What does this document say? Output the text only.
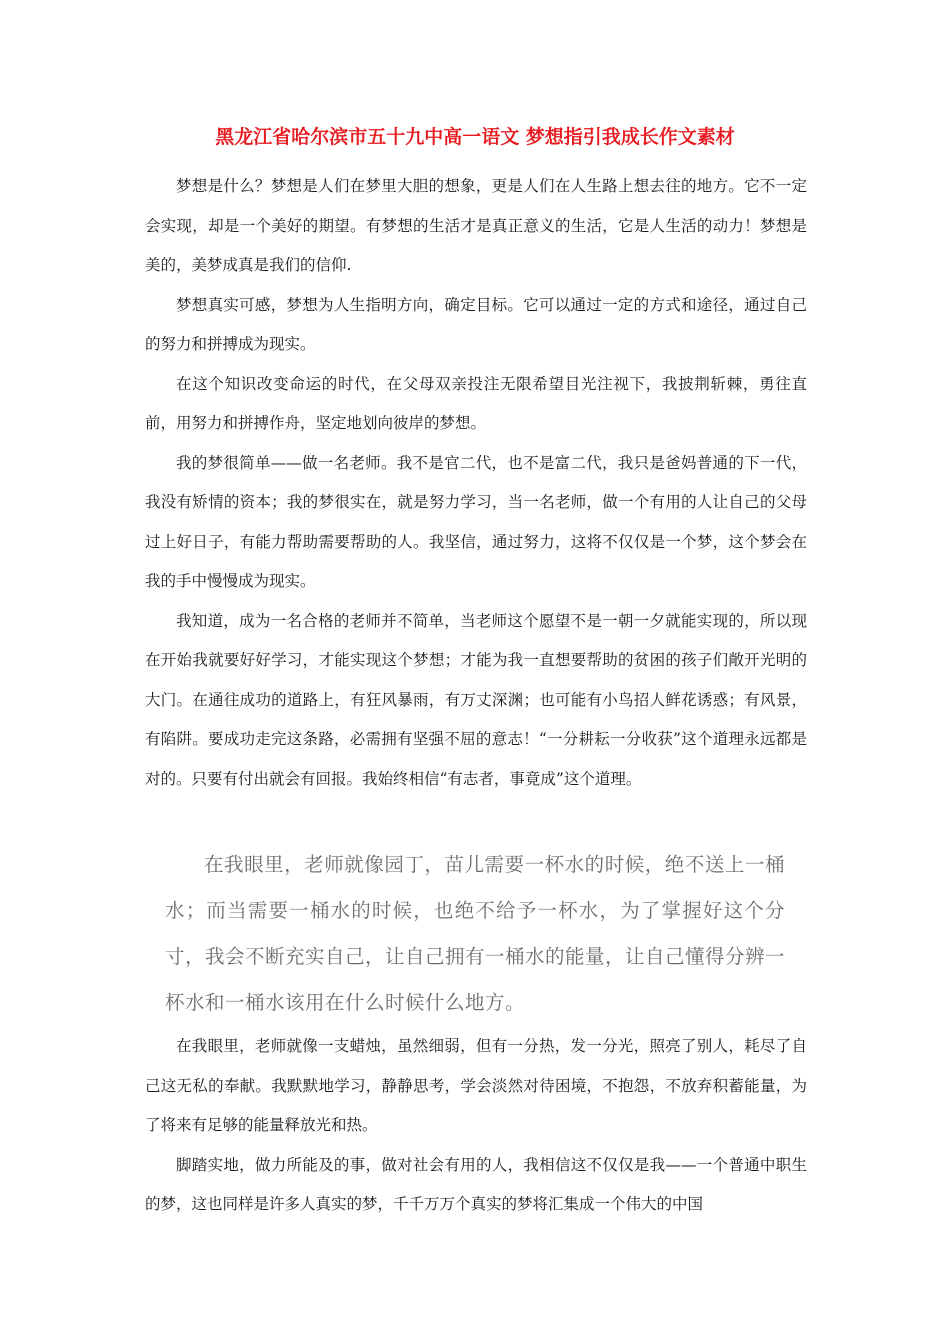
黑龙江省哈尔滨市五十九中高一语文 梦想指引我成长作文素材

梦想是什么？梦想是人们在梦里大胆的想象，更是人们在人生路上想去往的地方。它不一定会实现，却是一个美好的期望。有梦想的生活才是真正意义的生活，它是人生活的动力！梦想是美的，美梦成真是我们的信仰.

梦想真实可感，梦想为人生指明方向，确定目标。它可以通过一定的方式和途径，通过自己的努力和拼搏成为现实。

在这个知识改变命运的时代，在父母双亲投注无限希望目光注视下，我披荆斩棘，勇往直前，用努力和拼搏作舟，坚定地划向彼岸的梦想。

我的梦很简单——做一名老师。我不是官二代，也不是富二代，我只是爸妈普通的下一代，我没有矫情的资本；我的梦很实在，就是努力学习，当一名老师，做一个有用的人让自己的父母过上好日子，有能力帮助需要帮助的人。我坚信，通过努力，这将不仅仅是一个梦，这个梦会在我的手中慢慢成为现实。

我知道，成为一名合格的老师并不简单，当老师这个愿望不是一朝一夕就能实现的，所以现在开始我就要好好学习，才能实现这个梦想；才能为我一直想要帮助的贫困的孩子们敞开光明的大门。在通往成功的道路上，有狂风暴雨，有万丈深渊；也可能有小鸟招人鲜花诱惑；有风景，有陷阱。要成功走完这条路，必需拥有坚强不屈的意志！“一分耕耘一分收获”这个道理永远都是对的。只要有付出就会有回报。我始终相信“有志者，事竟成”这个道理。

在我眼里，老师就像园丁，苗儿需要一杯水的时候，绝不送上一桶水；而当需要一桶水的时候，也绝不给予一杯水，为了掌握好这个分寸，我会不断充实自己，让自己拥有一桶水的能量，让自己懂得分辨一杯水和一桶水该用在什么时候什么地方。

在我眼里，老师就像一支蜡烛，虽然细弱，但有一分热，发一分光，照亮了别人，耗尽了自己这无私的奉献。我默默地学习，静静思考，学会淡然对待困境，不抱怨，不放弃积蓄能量，为了将来有足够的能量释放光和热。

脚踏实地，做力所能及的事，做对社会有用的人，我相信这不仅仅是我——一个普通中职生的梦，这也同样是许多人真实的梦，千千万万个真实的梦将汇集成一个伟大的中国
